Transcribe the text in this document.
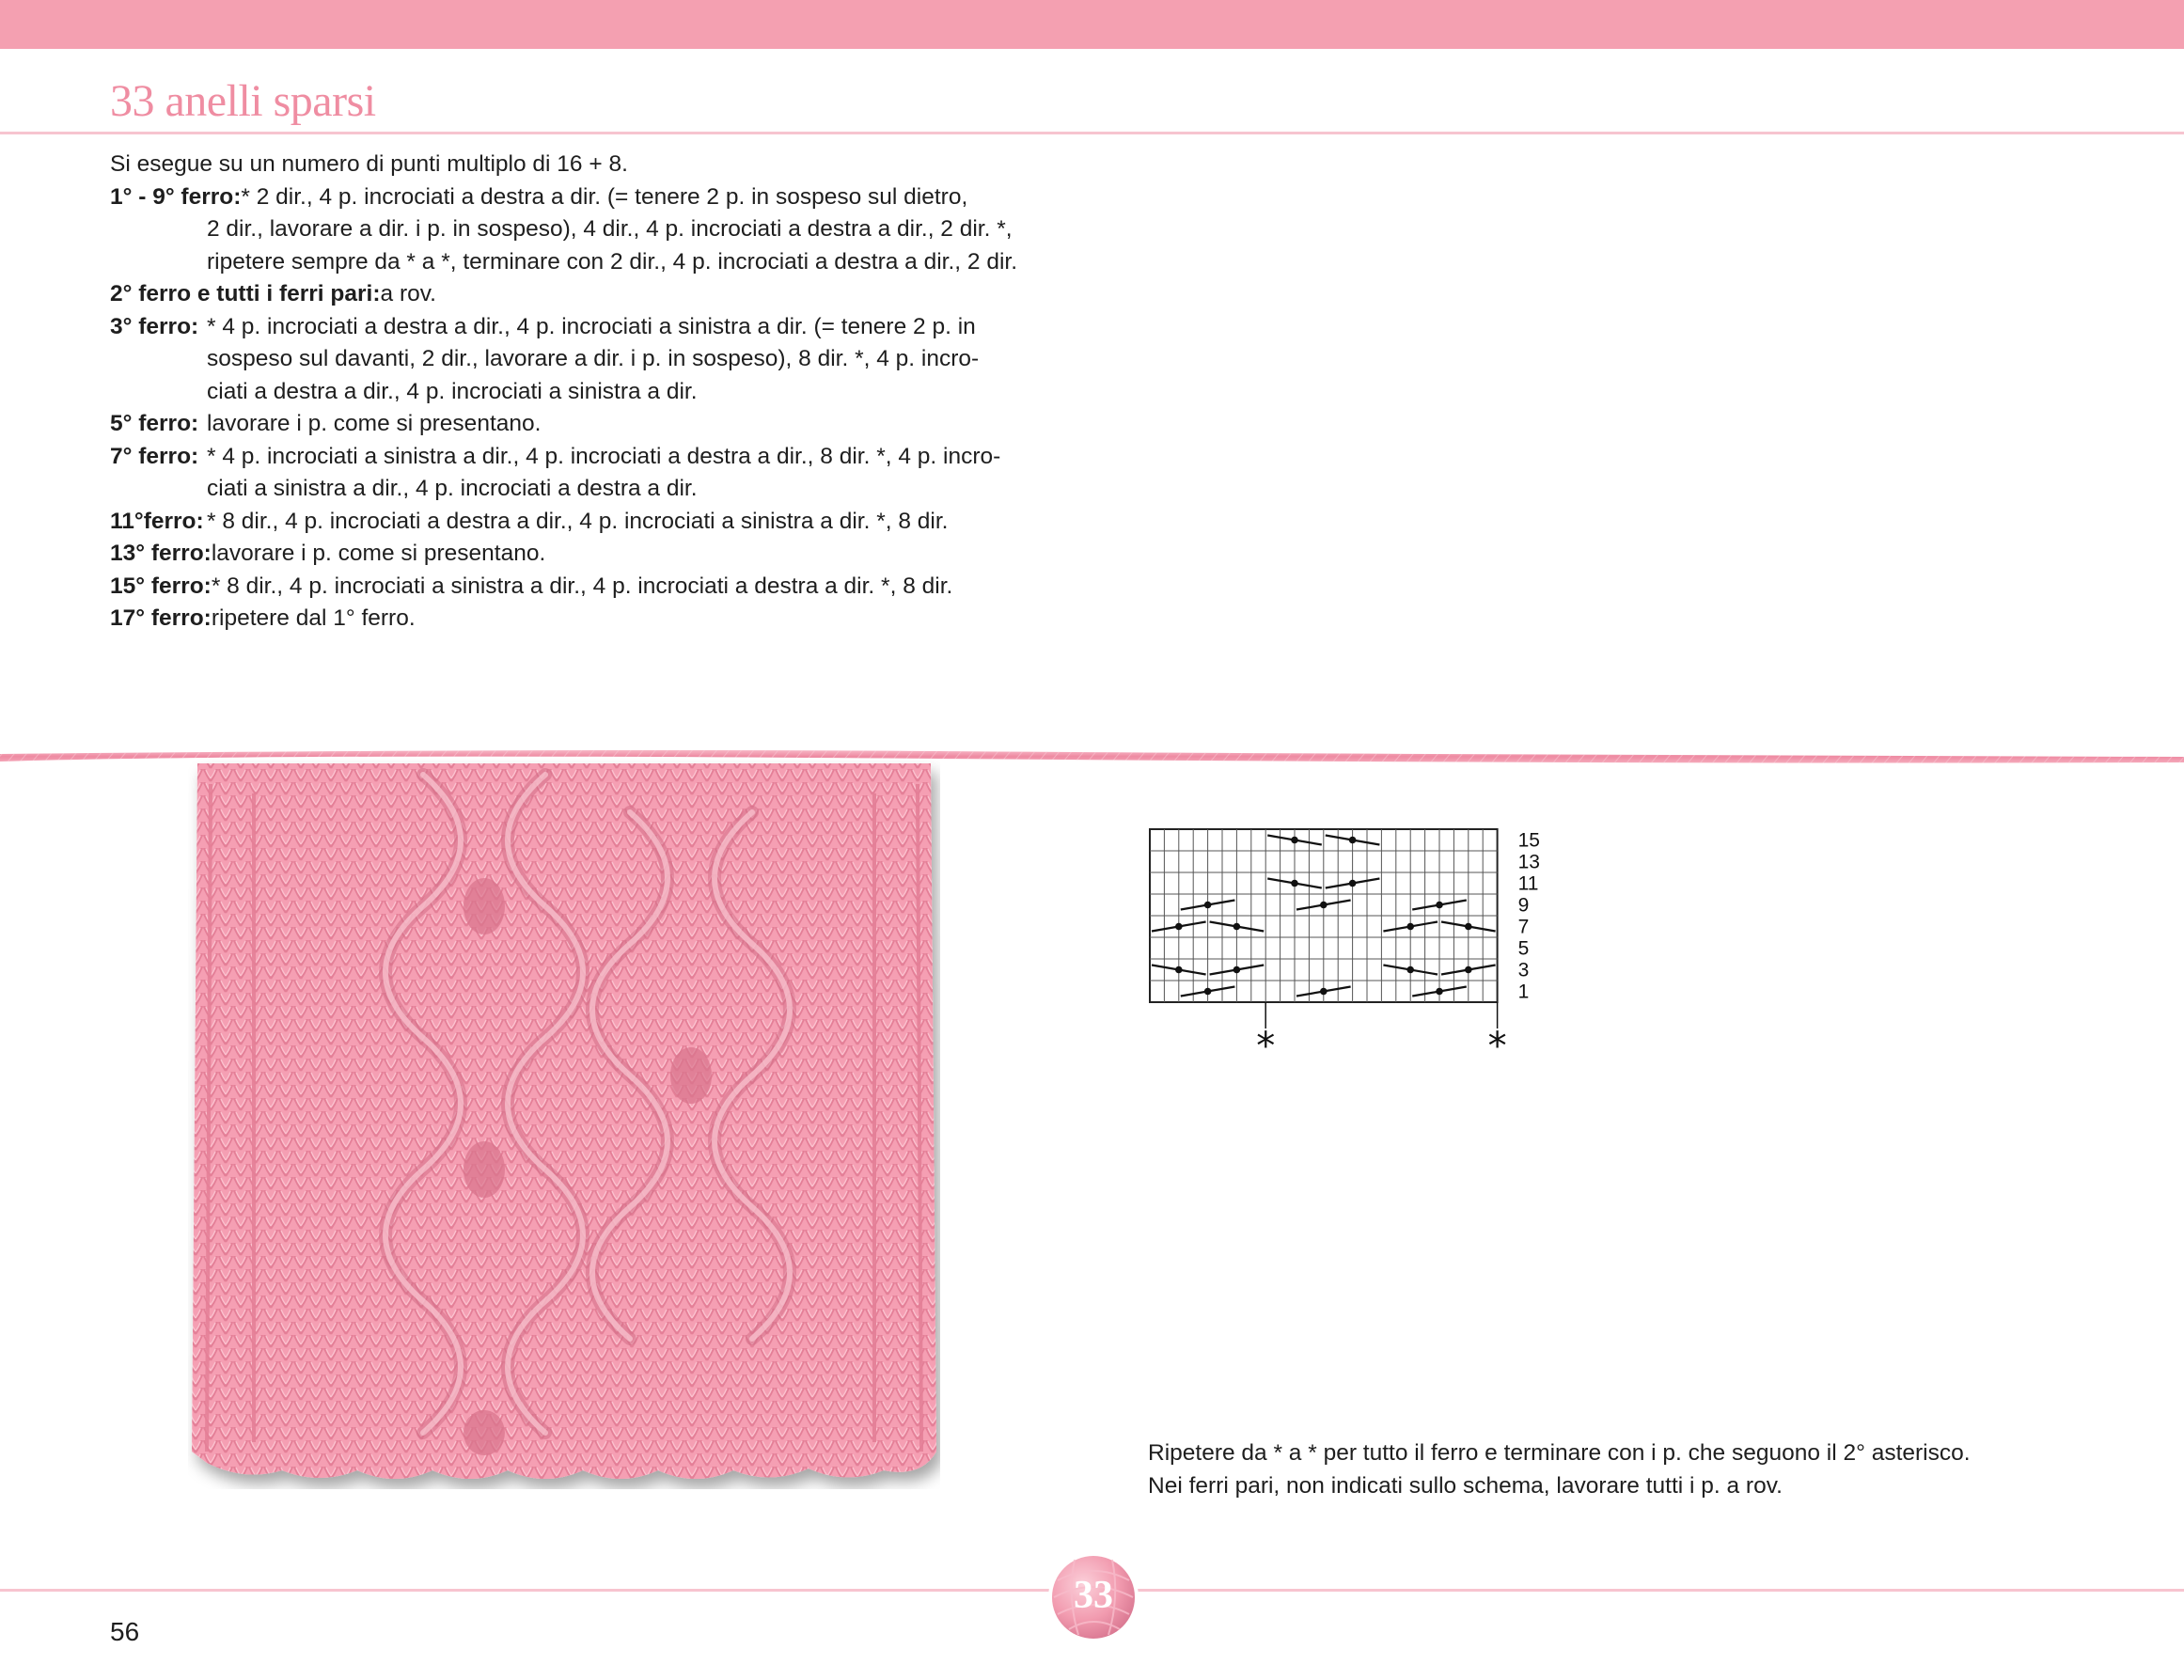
33 anelli sparsi
Si esegue su un numero di punti multiplo di 16 + 8.
1° - 9° ferro: * 2 dir., 4 p. incrociati a destra a dir. (= tenere 2 p. in sospeso sul dietro,
2 dir., lavorare a dir. i p. in sospeso), 4 dir., 4 p. incrociati a destra a dir., 2 dir. *,
ripetere sempre da * a *, terminare con 2 dir., 4 p. incrociati a destra a dir., 2 dir.
2° ferro e tutti i ferri pari: a rov.
3° ferro: * 4 p. incrociati a destra a dir., 4 p. incrociati a sinistra a dir. (= tenere 2 p. in
sospeso sul davanti, 2 dir., lavorare a dir. i p. in sospeso), 8 dir. *, 4 p. incro-
ciati a destra a dir., 4 p. incrociati a sinistra a dir.
5° ferro: lavorare i p. come si presentano.
7° ferro: * 4 p. incrociati a sinistra a dir., 4 p. incrociati a destra a dir., 8 dir. *, 4 p. incro-
ciati a sinistra a dir., 4 p. incrociati a destra a dir.
11°ferro: * 8 dir., 4 p. incrociati a destra a dir., 4 p. incrociati a sinistra a dir. *, 8 dir.
13° ferro: lavorare i p. come si presentano.
15° ferro: * 8 dir., 4 p. incrociati a sinistra a dir., 4 p. incrociati a destra a dir. *, 8 dir.
17° ferro: ripetere dal 1° ferro.
15
13
11
9
7
5
3
1
*	*
Ripetere da * a * per tutto il ferro e terminare con i p. che seguono il 2° asterisco.
Nei ferri pari, non indicati sullo schema, lavorare tutti i p. a rov.
33
56
